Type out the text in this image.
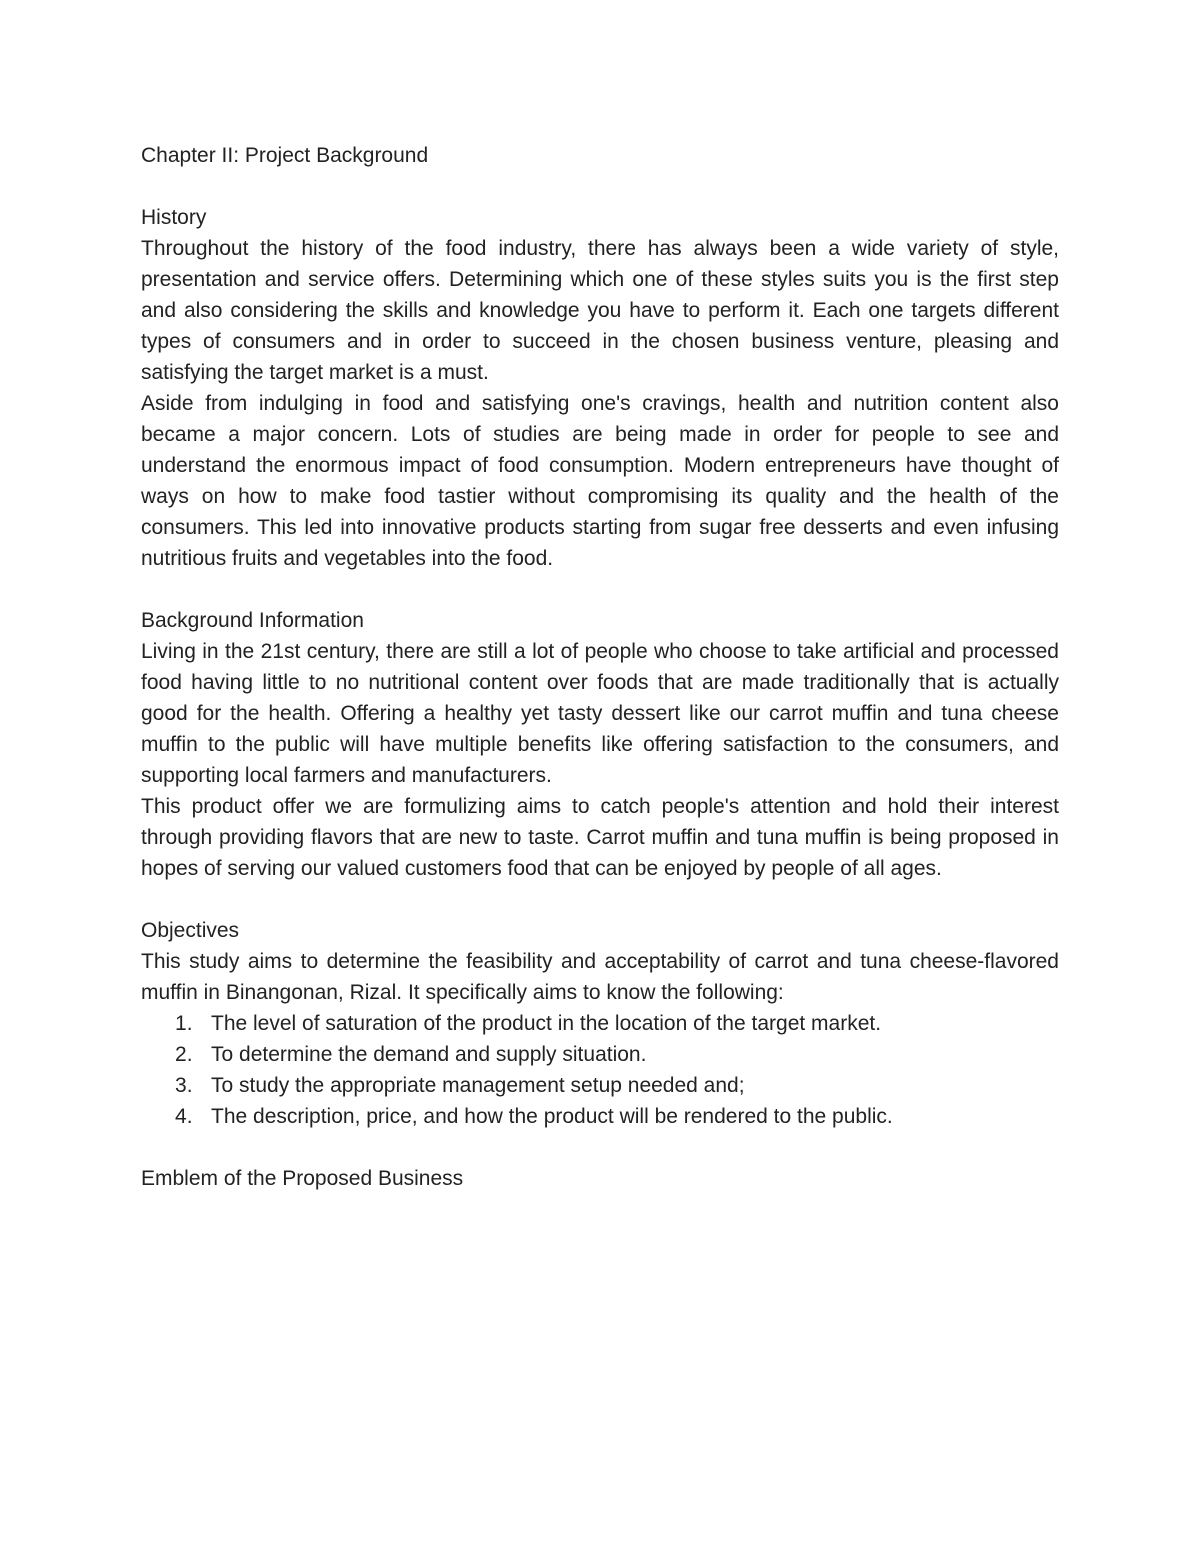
Chapter II: Project Background

History

Throughout the history of the food industry, there has always been a wide variety of style, presentation and service offers. Determining which one of these styles suits you is the first step and also considering the skills and knowledge you have to perform it. Each one targets different types of consumers and in order to succeed in the chosen business venture, pleasing and satisfying the target market is a must.

Aside from indulging in food and satisfying one's cravings, health and nutrition content also became a major concern. Lots of studies are being made in order for people to see and understand the enormous impact of food consumption. Modern entrepreneurs have thought of ways on how to make food tastier without compromising its quality and the health of the consumers. This led into innovative products starting from sugar free desserts and even infusing nutritious fruits and vegetables into the food.

Background Information

Living in the 21st century, there are still a lot of people who choose to take artificial and processed food having little to no nutritional content over foods that are made traditionally that is actually good for the health. Offering a healthy yet tasty dessert like our carrot muffin and tuna cheese muffin to the public will have multiple benefits like offering satisfaction to the consumers, and supporting local farmers and manufacturers.

This product offer we are formulizing aims to catch people's attention and hold their interest through providing flavors that are new to taste. Carrot muffin and tuna muffin is being proposed in hopes of serving our valued customers food that can be enjoyed by people of all ages.

Objectives

This study aims to determine the feasibility and acceptability of carrot and tuna cheese-flavored muffin in Binangonan, Rizal. It specifically aims to know the following:

The level of saturation of the product in the location of the target market.
To determine the demand and supply situation.
To study the appropriate management setup needed and;
The description, price, and how the product will be rendered to the public.

Emblem of the Proposed Business
